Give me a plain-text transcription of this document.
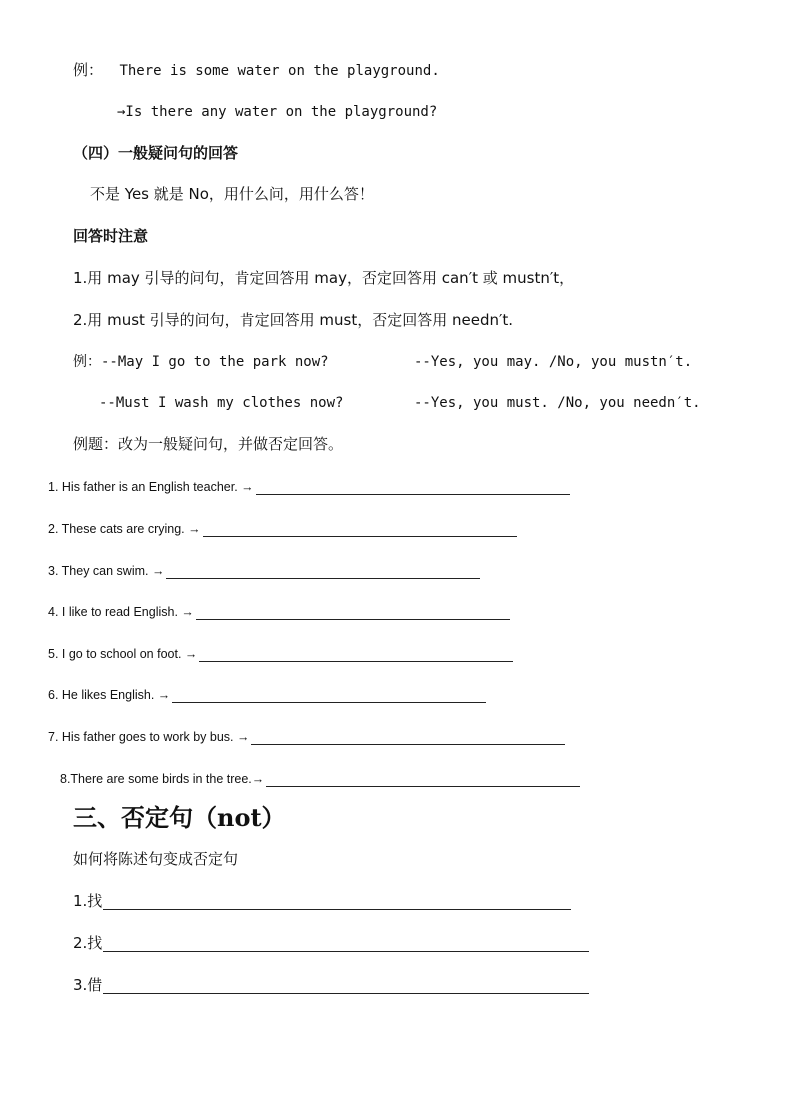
例： There is some water on the playground.
→Is there any water on the playground?
（四）一般疑问句的回答
不是 Yes 就是 No，用什么问，用什么答！
回答时注意
1.用 may 引导的问句，肯定回答用 may，否定回答用 can′t 或 mustn′t，
2.用 must 引导的问句，肯定回答用 must，否定回答用 needn′t.
例：--May I go to the park now?	--Yes, you may. /No, you mustn′t.
--Must I wash my clothes now?	--Yes, you must. /No, you needn′t.
例题：改为一般疑问句，并做否定回答。
1. His father is an English teacher. →
2. These cats are crying. →
3. They can swim. →
4. I like to read English. →
5. I go to school on foot. →
6. He likes English. →
7. His father goes to work by bus. →
8.There are some birds in the tree.→
三、否定句（not）
如何将陈述句变成否定句
1.找
2.找
3.借
